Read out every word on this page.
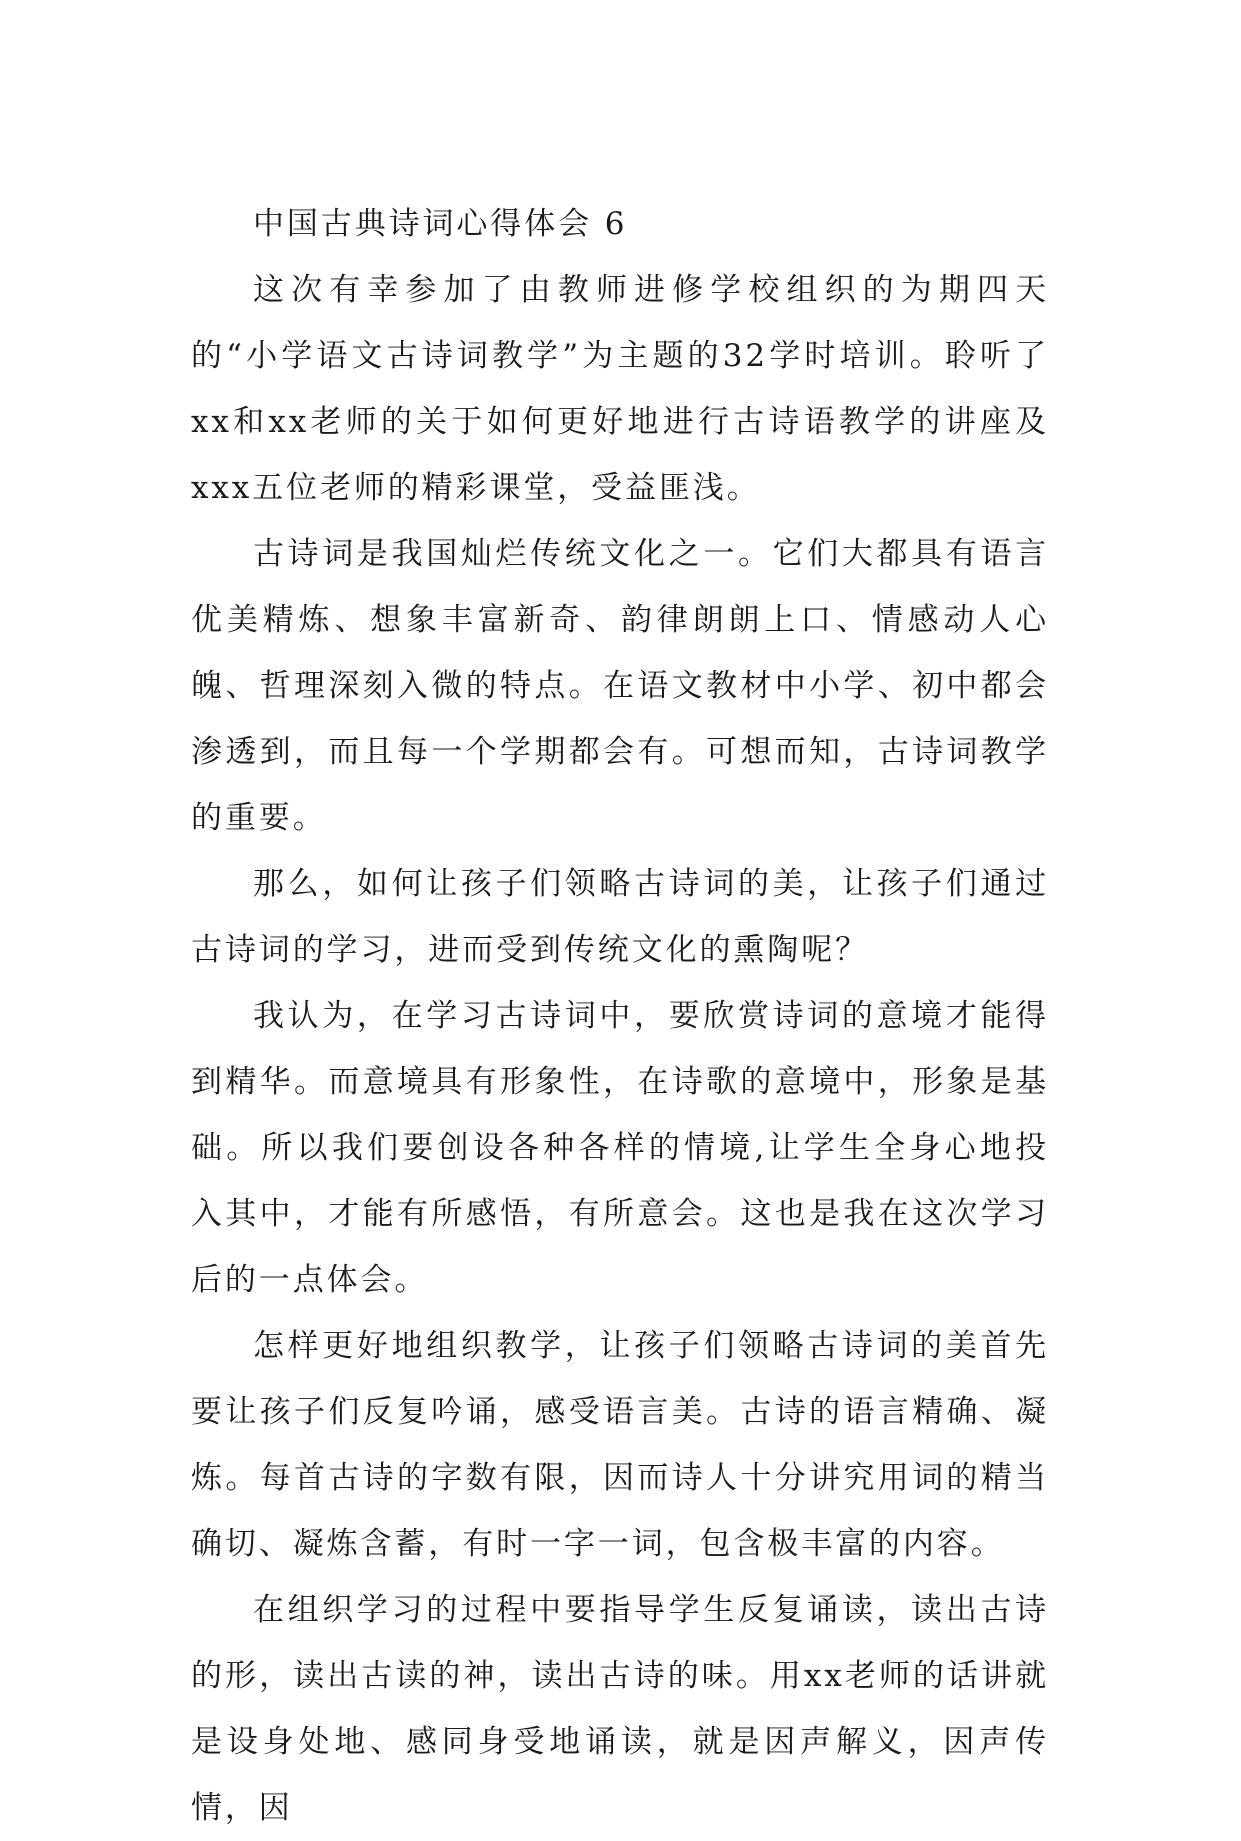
中国古典诗词心得体会 6

这次有幸参加了由教师进修学校组织的为期四天的“小学语文古诗词教学”为主题的32学时培训。聆听了xx和xx老师的关于如何更好地进行古诗语教学的讲座及xxx五位老师的精彩课堂，受益匪浅。

古诗词是我国灿烂传统文化之一。它们大都具有语言优美精炼、想象丰富新奇、韵律朗朗上口、情感动人心魄、哲理深刻入微的特点。在语文教材中小学、初中都会渗透到，而且每一个学期都会有。可想而知，古诗词教学的重要。

那么，如何让孩子们领略古诗词的美，让孩子们通过古诗词的学习，进而受到传统文化的熏陶呢？

我认为，在学习古诗词中，要欣赏诗词的意境才能得到精华。而意境具有形象性，在诗歌的意境中，形象是基础。所以我们要创设各种各样的情境,让学生全身心地投入其中，才能有所感悟，有所意会。这也是我在这次学习后的一点体会。

怎样更好地组织教学，让孩子们领略古诗词的美首先要让孩子们反复吟诵，感受语言美。古诗的语言精确、凝炼。每首古诗的字数有限，因而诗人十分讲究用词的精当确切、凝炼含蓄，有时一字一词，包含极丰富的内容。

在组织学习的过程中要指导学生反复诵读，读出古诗的形，读出古读的神，读出古诗的味。用xx老师的话讲就是设身处地、感同身受地诵读，就是因声解义，因声传情，因
